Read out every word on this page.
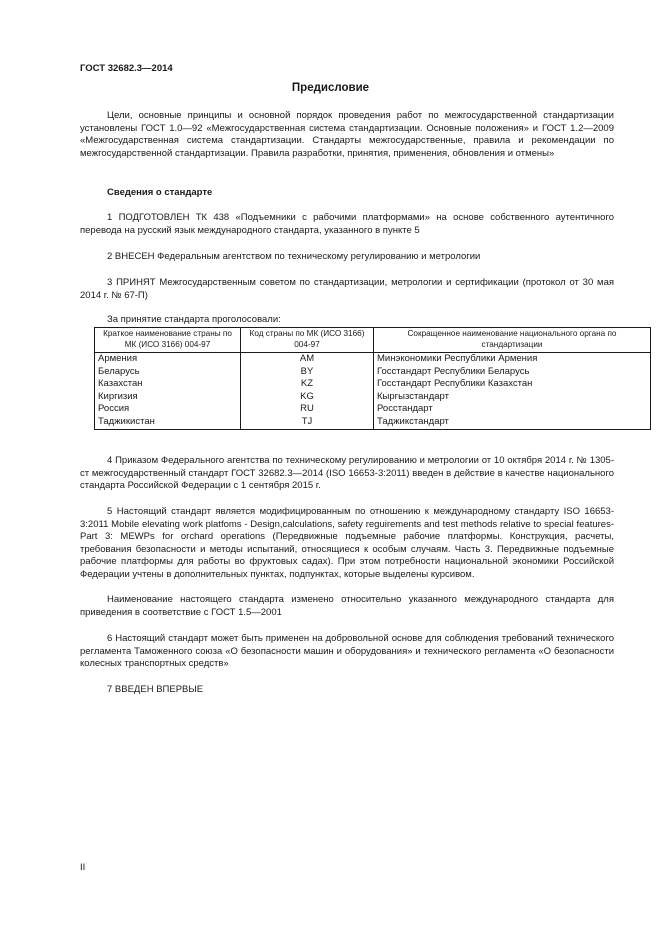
ГОСТ 32682.3—2014
Предисловие

Цели, основные принципы и основной порядок проведения работ по межгосударственной стандартизации установлены ГОСТ 1.0—92 «Межгосударственная система стандартизации. Основные положения» и ГОСТ 1.2—2009 «Межгосударственная система стандартизации. Стандарты межгосударственные, правила и рекомендации по межгосударственной стандартизации. Правила разработки, принятия, применения, обновления и отмены»

Сведения о стандарте

1 ПОДГОТОВЛЕН ТК 438 «Подъемники с рабочими платформами» на основе собственного аутентичного перевода на русский язык международного стандарта, указанного в пункте 5

2 ВНЕСЕН Федеральным агентством по техническому регулированию и метрологии

3 ПРИНЯТ Межгосударственным советом по стандартизации, метрологии и сертификации (протокол от 30 мая 2014 г. № 67-П)

За принятие стандарта проголосовали:
Краткое наименование страны по МК (ИСО 3166) 004-97	Код страны по МК (ИСО 3166) 004-97	Сокращенное наименование национального органа по стандартизации
Армения	AM	Минэкономики Республики Армения
Беларусь	BY	Госстандарт Республики Беларусь
Казахстан	KZ	Госстандарт Республики Казахстан
Киргизия	KG	Кыргызстандарт
Россия	RU	Росстандарт
Таджикистан	TJ	Таджикстандарт

4 Приказом Федерального агентства по техническому регулированию и метрологии от 10 октября 2014 г. № 1305-ст межгосударственный стандарт ГОСТ 32682.3—2014 (ISO 16653-3:2011) введен в действие в качестве национального стандарта Российской Федерации с 1 сентября 2015 г.

5 Настоящий стандарт является модифицированным по отношению к международному стандарту ISO 16653-3:2011 Mobile elevating work platfoms - Design,calculations, safety reguirements and test methods relative to special features- Part 3: MEWPs for orchard operations (Передвижные подъемные рабочие платформы. Конструкция, расчеты, требования безопасности и методы испытаний, относящиеся к особым случаям. Часть 3. Передвижные подъемные рабочие платформы для работы во фруктовых садах). При этом потребности национальной экономики Российской Федерации учтены в дополнительных пунктах, подпунктах, которые выделены курсивом.

Наименование настоящего стандарта изменено относительно указанного международного стандарта для приведения в соответствие с ГОСТ 1.5—2001

6 Настоящий стандарт может быть применен на добровольной основе для соблюдения требований технического регламента Таможенного союза «О безопасности машин и оборудования» и технического регламента «О безопасности колесных транспортных средств»

7 ВВЕДЕН ВПЕРВЫЕ

II
